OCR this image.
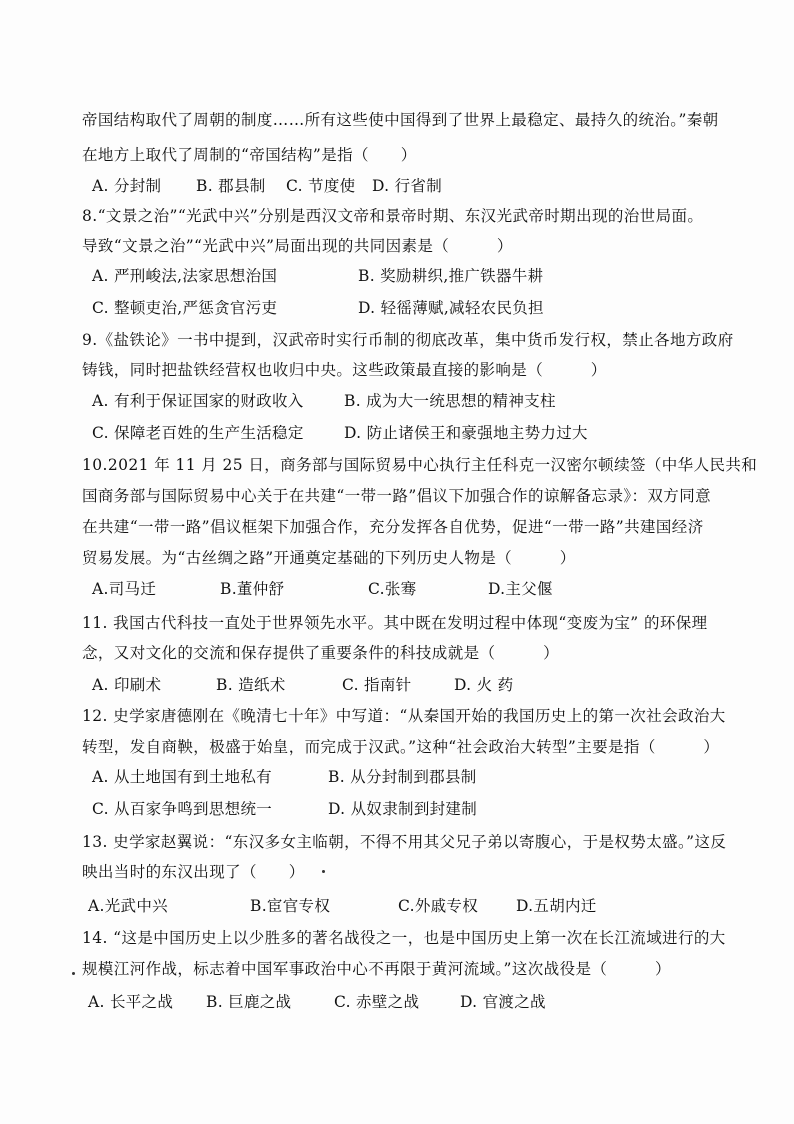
帝国结构取代了周朝的制度……所有这些使中国得到了世界上最稳定、最持久的统治。”秦朝
在地方上取代了周制的“帝国结构”是指（　　）
A. 分封制 B. 郡县制 C. 节度使 D. 行省制
8.“文景之治”“光武中兴”分别是西汉文帝和景帝时期、东汉光武帝时期出现的治世局面。
导致“文景之治”“光武中兴”局面出现的共同因素是（　　　）
A. 严刑峻法,法家思想治国	B. 奖励耕织,推广铁器牛耕
C. 整顿吏治,严惩贪官污吏	D. 轻徭薄赋,减轻农民负担
9.《盐铁论》一书中提到，汉武帝时实行币制的彻底改革，集中货币发行权，禁止各地方政府
铸钱，同时把盐铁经营权也收归中央。这些政策最直接的影响是（　　　）
A. 有利于保证国家的财政收入	B. 成为大一统思想的精神支柱
C. 保障老百姓的生产生活稳定	D. 防止诸侯王和豪强地主势力过大
10.2021 年 11 月 25 日，商务部与国际贸易中心执行主任科克一汉密尔顿续签（中华人民共和
国商务部与国际贸易中心关于在共建“一带一路”倡议下加强合作的谅解备忘录》：双方同意
在共建“一带一路”倡议框架下加强合作，充分发挥各自优势，促进“一带一路”共建国经济
贸易发展。为“古丝绸之路”开通奠定基础的下列历史人物是（　　　）
A.司马迁	B.董仲舒	C.张骞	D.主父偃
11. 我国古代科技一直处于世界领先水平。其中既在发明过程中体现“变废为宝” 的环保理
念，又对文化的交流和保存提供了重要条件的科技成就是（　　　）
A. 印刷术	B. 造纸术	C. 指南针	D. 火 药
12. 史学家唐德刚在《晚清七十年》中写道：“从秦国开始的我国历史上的第一次社会政治大
转型，发自商鞅，极盛于始皇，而完成于汉武。”这种“社会政治大转型”主要是指（　　　）
A. 从土地国有到土地私有	B. 从分封制到郡县制
C. 从百家争鸣到思想统一	D. 从奴隶制到封建制
13. 史学家赵翼说：“东汉多女主临朝，不得不用其父兄子弟以寄腹心，于是权势太盛。”这反
映出当时的东汉出现了（　　）
A.光武中兴	B.宦官专权	C.外戚专权 D.五胡内迁
14. “这是中国历史上以少胜多的著名战役之一，也是中国历史上第一次在长江流域进行的大
规模江河作战，标志着中国军事政治中心不再限于黄河流域。”这次战役是（　　　）
A. 长平之战 B. 巨鹿之战	C. 赤壁之战	D. 官渡之战
